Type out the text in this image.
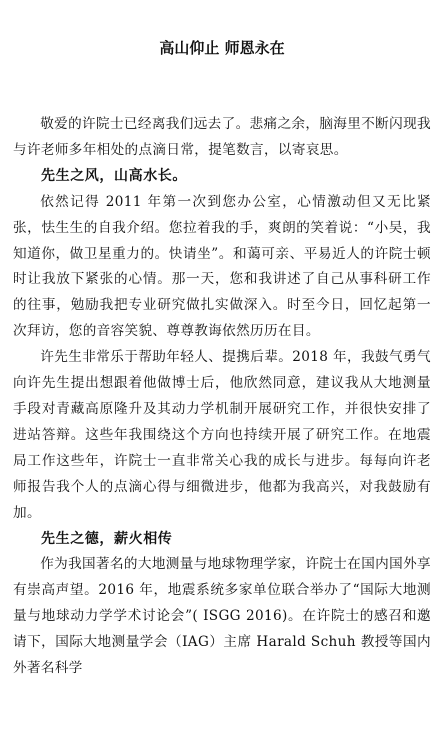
高山仰止 师恩永在

敬爱的许院士已经离我们远去了。悲痛之余，脑海里不断闪现我与许老师多年相处的点滴日常，提笔数言，以寄哀思。

先生之风，山高水长。

依然记得 2011 年第一次到您办公室，心情激动但又无比紧张，怯生生的自我介绍。您拉着我的手，爽朗的笑着说：“小吴，我知道你，做卫星重力的。快请坐”。和蔼可亲、平易近人的许院士顿时让我放下紧张的心情。那一天，您和我讲述了自己从事科研工作的往事，勉励我把专业研究做扎实做深入。时至今日，回忆起第一次拜访，您的音容笑貌、尊尊教诲依然历历在目。

许先生非常乐于帮助年轻人、提携后辈。2018 年，我鼓气勇气向许先生提出想跟着他做博士后，他欣然同意，建议我从大地测量手段对青藏高原隆升及其动力学机制开展研究工作，并很快安排了进站答辩。这些年我围绕这个方向也持续开展了研究工作。在地震局工作这些年，许院士一直非常关心我的成长与进步。每每向许老师报告我个人的点滴心得与细微进步，他都为我高兴，对我鼓励有加。

先生之德，薪火相传

作为我国著名的大地测量与地球物理学家，许院士在国内国外享有崇高声望。2016 年，地震系统多家单位联合举办了“国际大地测量与地球动力学学术讨论会”( ISGG 2016)。在许院士的感召和邀请下，国际大地测量学会（IAG）主席 Harald Schuh 教授等国内外著名科学
